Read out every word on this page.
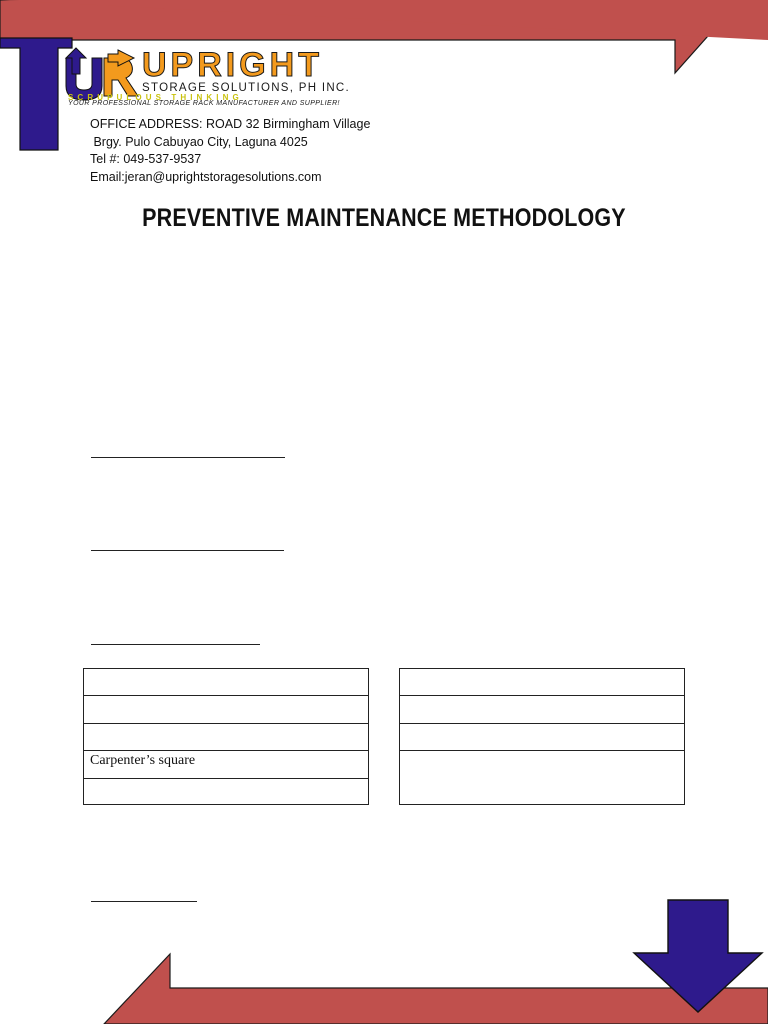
UPRIGHT
STORAGE SOLUTIONS, PH INC.
SCRUPULOUS THINKING
YOUR PROFESSIONAL STORAGE RACK MANUFACTURER AND SUPPLIER!
OFFICE ADDRESS: ROAD 32 Birmingham Village
Brgy. Pulo Cabuyao City, Laguna 4025
Tel #: 049-537-9537
Email:jeran@uprightstoragesolutions.com
PREVENTIVE MAINTENANCE METHODOLOGY

Carpenter’s square
